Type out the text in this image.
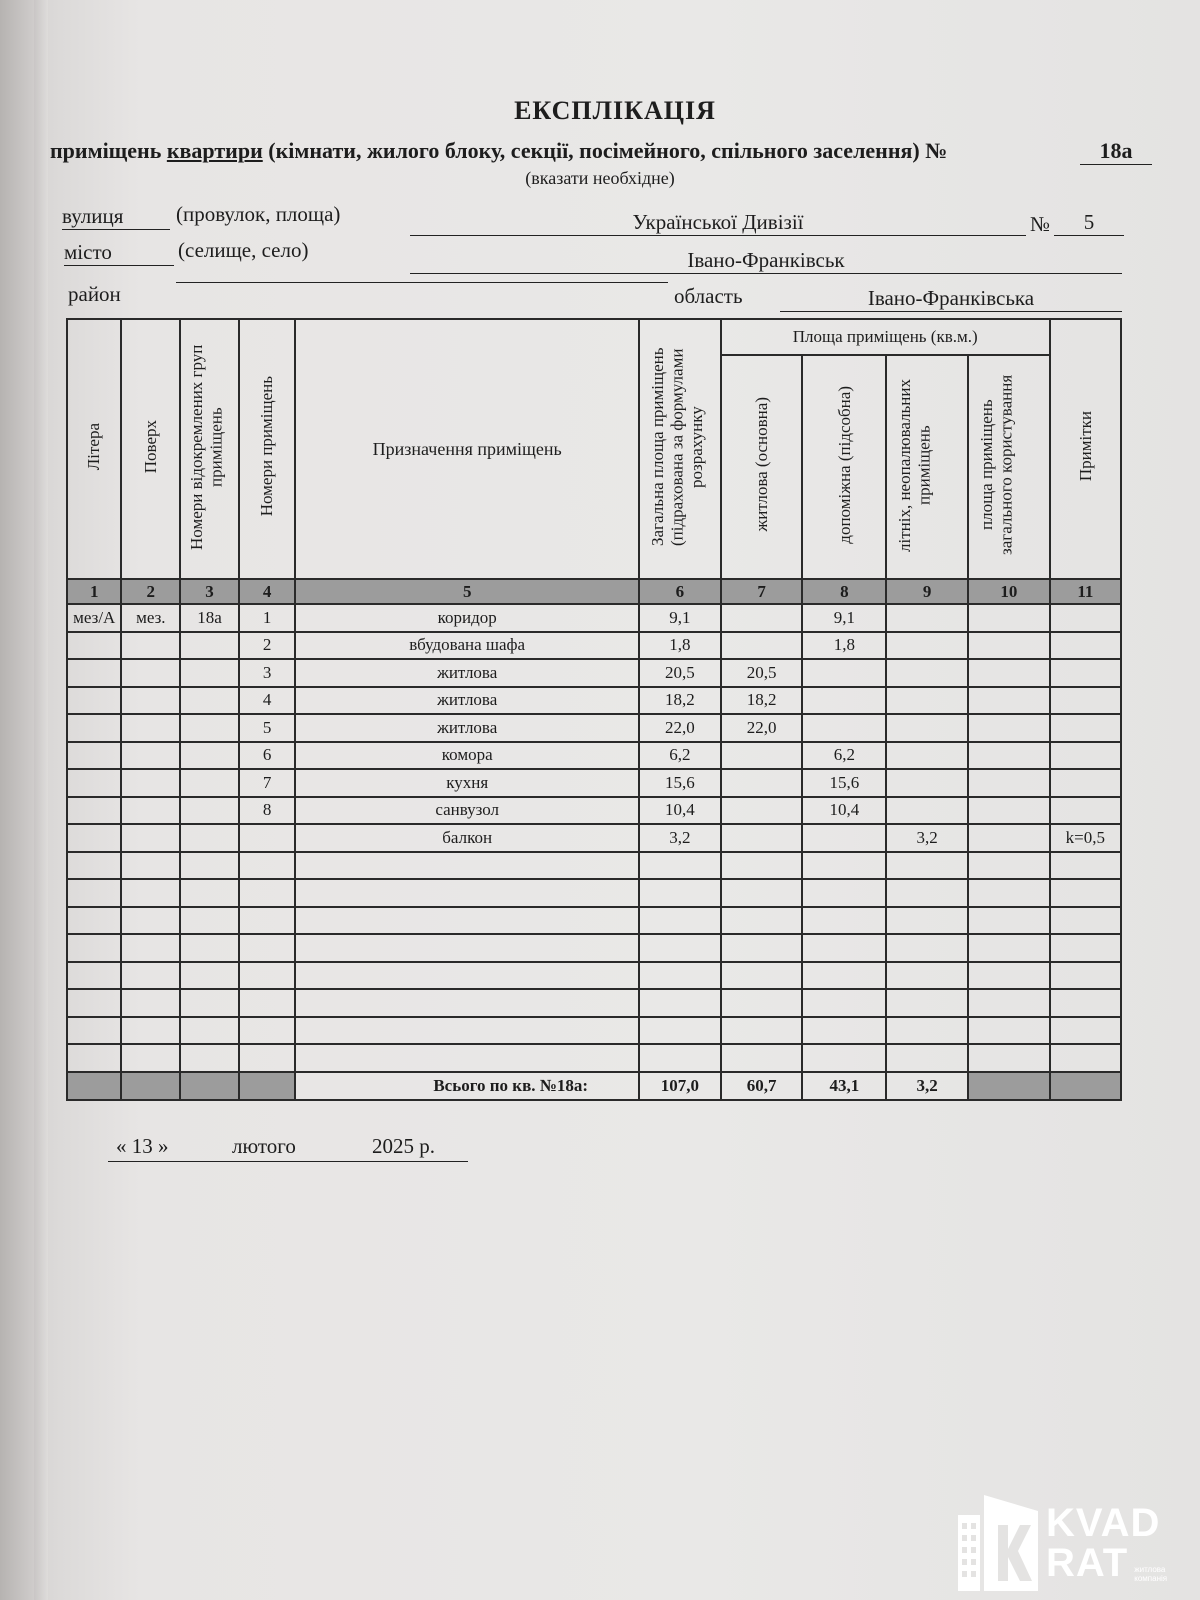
ЕКСПЛІКАЦІЯ
приміщень квартири (кімнати, жилого блоку, секції, посімейного, спільного заселення) №	18а
(вказати необхідне)
вулиця	(провулок, площа)	Української Дивізії	№	5
місто	(селище, село)	Івано-Франківськ
район	область	Івано-Франківська
Літера	Поверх	Номери відокремлених груп приміщень	Номери приміщень	Призначення приміщень	Загальна площа приміщень (підрахована за формулами розрахунку	Площа приміщень (кв.м.)				Примітки
						житлова (основна)	допоміжна (підсобна)	літніх, неопалювальних приміщень	площа приміщень загального користування	
1	2	3	4	5	6	7	8	9	10	11
мез/А	мез.	18а	1	коридор	9,1		9,1			
			2	вбудована шафа	1,8		1,8			
			3	житлова	20,5	20,5				
			4	житлова	18,2	18,2				
			5	житлова	22,0	22,0				
			6	комора	6,2		6,2			
			7	кухня	15,6		15,6			
			8	санвузол	10,4		10,4			
				балкон	3,2			3,2		k=0,5

				Всього по кв. №18а:	107,0	60,7	43,1	3,2		
« 13 »	лютого	2025 р.
KVAD
RAT житлова компанія
